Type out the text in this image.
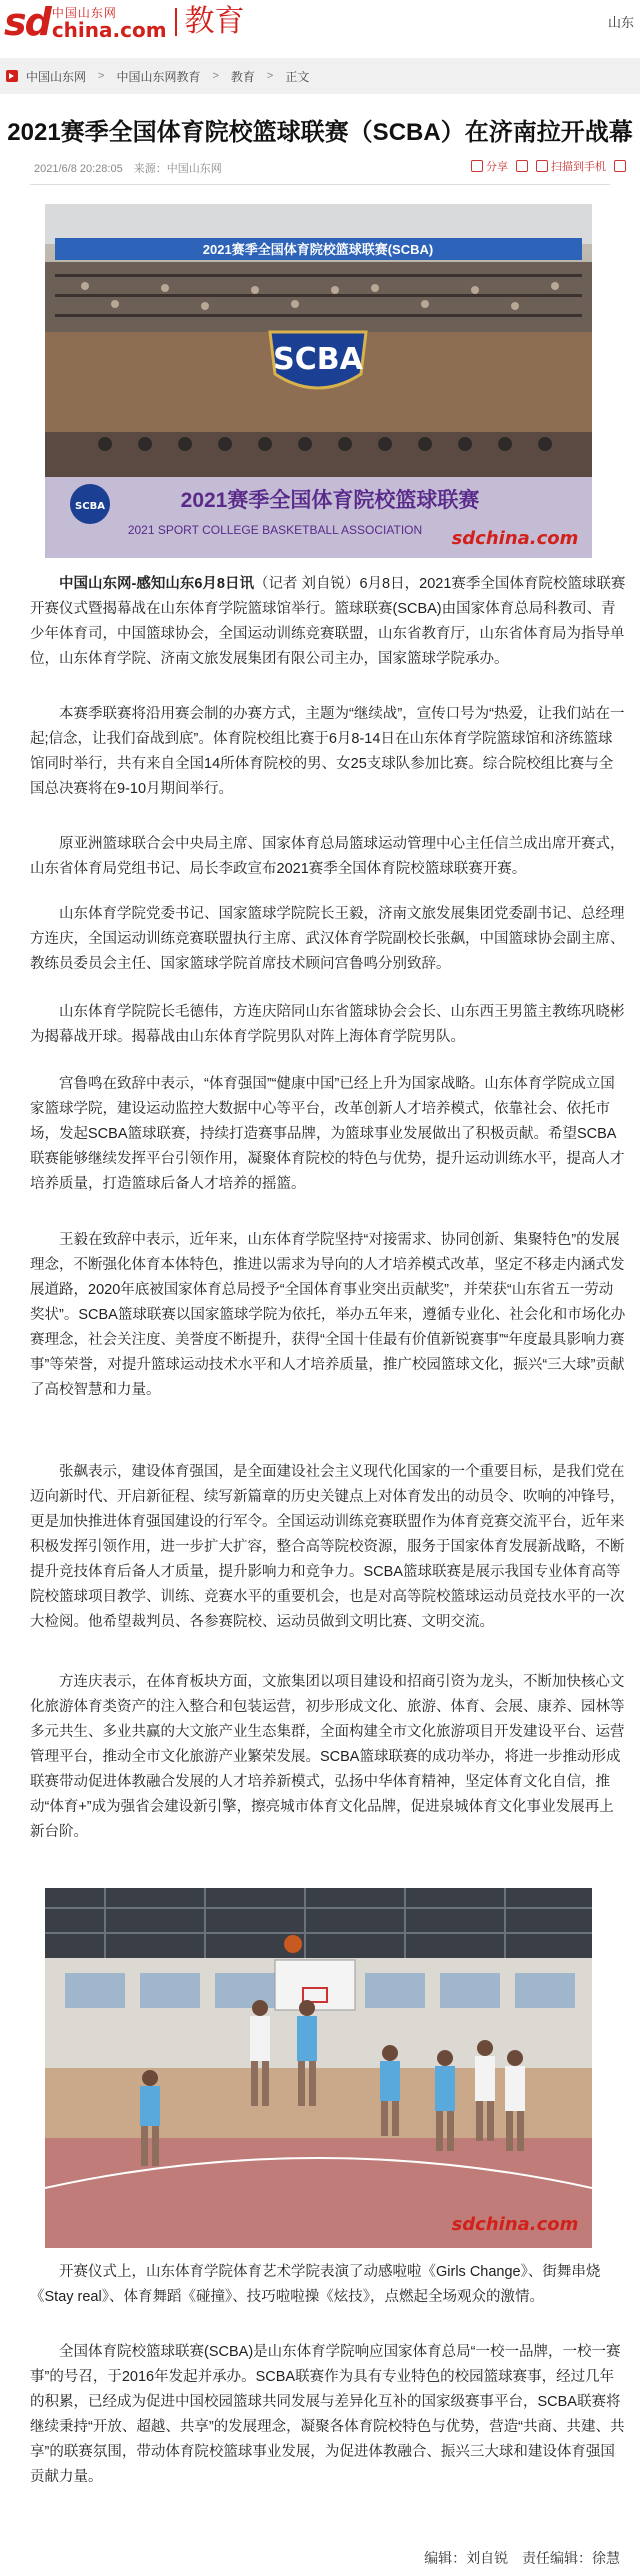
sd 中国山东网
china.com 教育	山东
中国山东网 > 中国山东网教育 > 教育 > 正文
2021赛季全国体育院校篮球联赛（SCBA）在济南拉开战幕
2021/6/8 20:28:05 来源：中国山东网	分享	扫描到手机
2021赛季全国体育院校篮球联赛(SCBA)
SCBA
SCBA	2021赛季全国体育院校篮球联赛
2021 SPORT COLLEGE BASKETBALL ASSOCIATION sdchina.com

中国山东网-感知山东6月8日讯（记者 刘自锐）6月8日，2021赛季全国体育院校篮球联赛开赛仪式暨揭幕战在山东体育学院篮球馆举行。篮球联赛(SCBA)由国家体育总局科教司、青少年体育司，中国篮球协会，全国运动训练竞赛联盟，山东省教育厅，山东省体育局为指导单位，山东体育学院、济南文旅发展集团有限公司主办，国家篮球学院承办。

本赛季联赛将沿用赛会制的办赛方式，主题为“继续战”，宣传口号为“热爱，让我们站在一起;信念，让我们奋战到底”。体育院校组比赛于6月8-14日在山东体育学院篮球馆和济练篮球馆同时举行，共有来自全国14所体育院校的男、女25支球队参加比赛。综合院校组比赛与全国总决赛将在9-10月期间举行。

原亚洲篮球联合会中央局主席、国家体育总局篮球运动管理中心主任信兰成出席开赛式，山东省体育局党组书记、局长李政宣布2021赛季全国体育院校篮球联赛开赛。

山东体育学院党委书记、国家篮球学院院长王毅，济南文旅发展集团党委副书记、总经理方连庆，全国运动训练竞赛联盟执行主席、武汉体育学院副校长张飙，中国篮球协会副主席、教练员委员会主任、国家篮球学院首席技术顾问宫鲁鸣分别致辞。

山东体育学院院长毛德伟，方连庆陪同山东省篮球协会会长、山东西王男篮主教练巩晓彬为揭幕战开球。揭幕战由山东体育学院男队对阵上海体育学院男队。

宫鲁鸣在致辞中表示，“体育强国”“健康中国”已经上升为国家战略。山东体育学院成立国家篮球学院，建设运动监控大数据中心等平台，改革创新人才培养模式，依靠社会、依托市场，发起SCBA篮球联赛，持续打造赛事品牌，为篮球事业发展做出了积极贡献。希望SCBA联赛能够继续发挥平台引领作用，凝聚体育院校的特色与优势，提升运动训练水平，提高人才培养质量，打造篮球后备人才培养的摇篮。

王毅在致辞中表示，近年来，山东体育学院坚持“对接需求、协同创新、集聚特色”的发展理念，不断强化体育本体特色，推进以需求为导向的人才培养模式改革，坚定不移走内涵式发展道路，2020年底被国家体育总局授予“全国体育事业突出贡献奖”，并荣获“山东省五一劳动奖状”。SCBA篮球联赛以国家篮球学院为依托，举办五年来，遵循专业化、社会化和市场化办赛理念，社会关注度、美誉度不断提升，获得“全国十佳最有价值新锐赛事”“年度最具影响力赛事”等荣誉，对提升篮球运动技术水平和人才培养质量，推广校园篮球文化，振兴“三大球”贡献了高校智慧和力量。

张飙表示，建设体育强国，是全面建设社会主义现代化国家的一个重要目标，是我们党在迈向新时代、开启新征程、续写新篇章的历史关键点上对体育发出的动员令、吹响的冲锋号，更是加快推进体育强国建设的行军令。全国运动训练竞赛联盟作为体育竞赛交流平台，近年来积极发挥引领作用，进一步扩大扩容，整合高等院校资源，服务于国家体育发展新战略，不断提升竞技体育后备人才质量，提升影响力和竞争力。SCBA篮球联赛是展示我国专业体育高等院校篮球项目教学、训练、竞赛水平的重要机会，也是对高等院校篮球运动员竞技水平的一次大检阅。他希望裁判员、各参赛院校、运动员做到文明比赛、文明交流。

方连庆表示，在体育板块方面，文旅集团以项目建设和招商引资为龙头，不断加快核心文化旅游体育类资产的注入整合和包装运营，初步形成文化、旅游、体育、会展、康养、园林等多元共生、多业共赢的大文旅产业生态集群，全面构建全市文化旅游项目开发建设平台、运营管理平台，推动全市文化旅游产业繁荣发展。SCBA篮球联赛的成功举办，将进一步推动形成联赛带动促进体教融合发展的人才培养新模式，弘扬中华体育精神，坚定体育文化自信，推动“体育+”成为强省会建设新引擎，擦亮城市体育文化品牌，促进泉城体育文化事业发展再上新台阶。

sdchina.com

开赛仪式上，山东体育学院体育艺术学院表演了动感啦啦《Girls Change》、街舞串烧《Stay real》、体育舞蹈《碰撞》、技巧啦啦操《炫技》，点燃起全场观众的激情。

全国体育院校篮球联赛(SCBA)是山东体育学院响应国家体育总局“一校一品牌，一校一赛事”的号召，于2016年发起并承办。SCBA联赛作为具有专业特色的校园篮球赛事，经过几年的积累，已经成为促进中国校园篮球共同发展与差异化互补的国家级赛事平台，SCBA联赛将继续秉持“开放、超越、共享”的发展理念，凝聚各体育院校特色与优势，营造“共商、共建、共享”的联赛氛围，带动体育院校篮球事业发展，为促进体教融合、振兴三大球和建设体育强国贡献力量。

编辑：刘自锐 责任编辑：徐慧
